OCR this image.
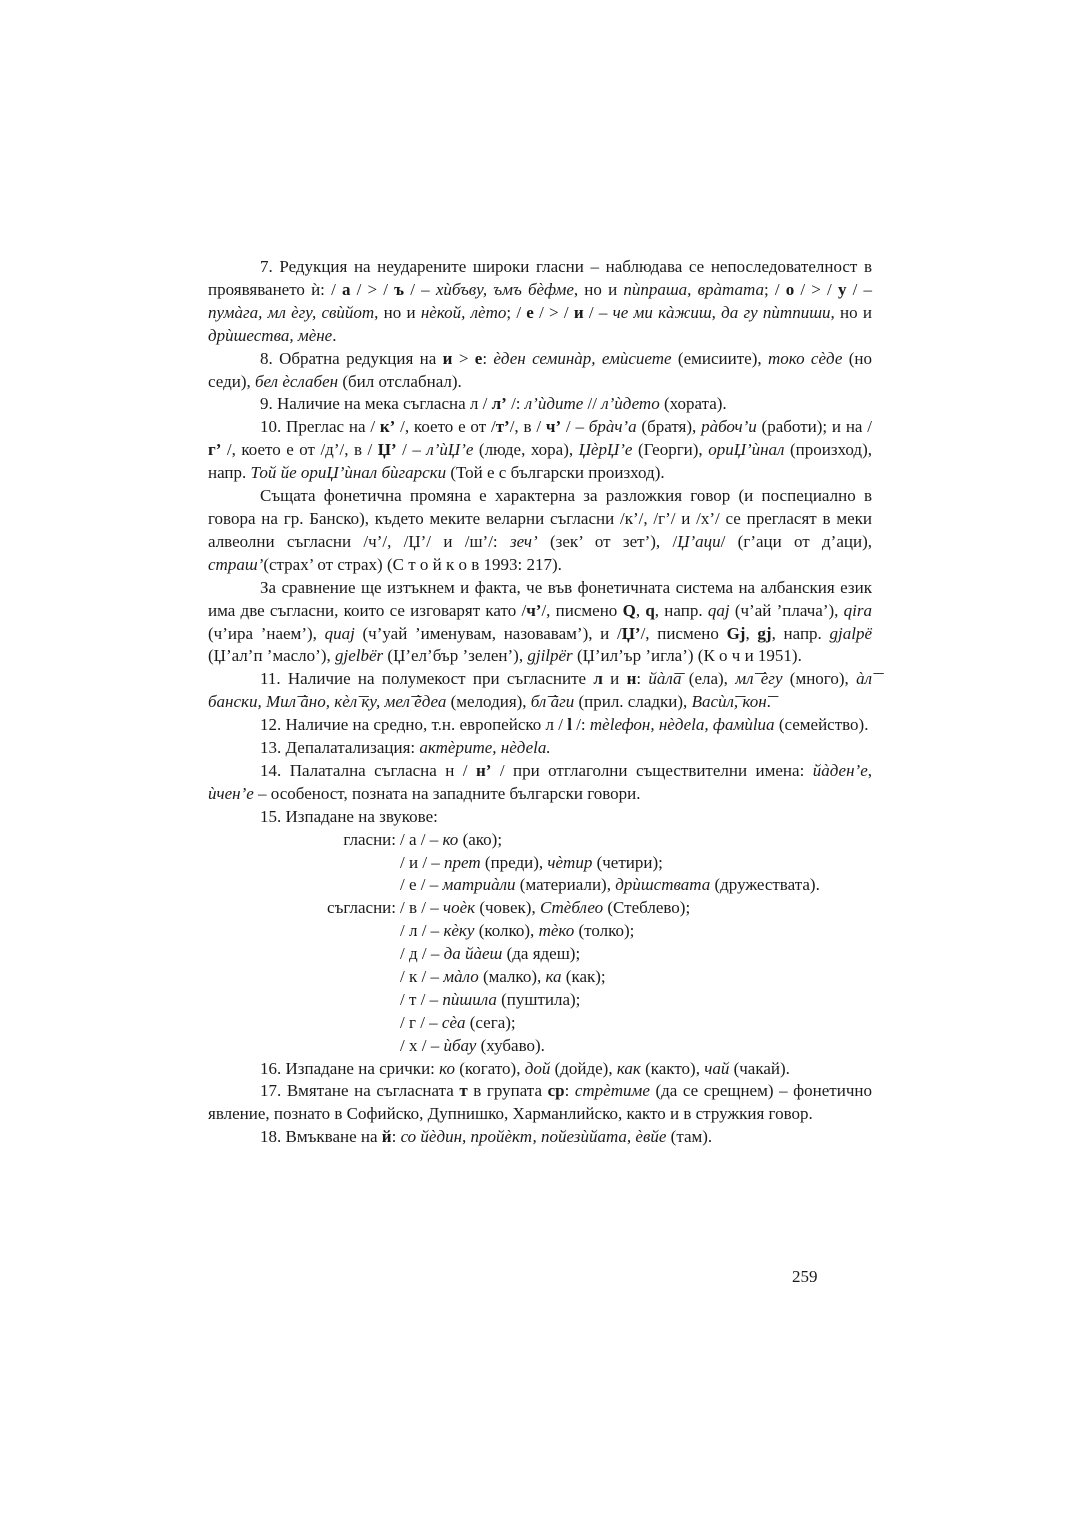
7. Редукция на неударените широки гласни – наблюдава се непоследователност в проявяването ѝ: / а / > / ъ / – хѝбъву, ъмъ бѐфме, но и пѝпраша, врàтата; / о / > / у / – пумàга, мл ѐгу, свѝйот, но и нѐкой, лѐто; / е / > / и / – че ми кàжиш, да гу пѝтпиши, но и дрѝшества, мѐне.

8. Обратна редукция на и > е: ѐден семинàр, емѝсиете (емисиите), токо сѐде (но седи), бел ѐслабен (бил отслабнал).

9. Наличие на мека съгласна л / л’ /: л’ѝдите // л’ѝдето (хората).

10. Преглас на / к’ /, което е от /т’/, в / ч’ / – брàч’а (братя), рàбоч’и (работи); и на / г’ /, което е от /д’/, в / Џ’ / – л’ѝЏ’е (люде, хора), ЏѐрЏ’е (Георги), ориЏ’ѝнал (произход), напр. Той йе ориЏ’ѝнал бѝгарски (Той е с български произход).

Същата фонетична промяна е характерна за разложкия говор (и поспециално в говора на гр. Банско), където меките веларни съгласни /к’/, /г’/ и /х’/ се преглася​т в меки алвеолни съгласни /ч’/, /Џ’/ и /ш’/: зеч’ (зек’ от зет’), /Џ’аци/ (г’аци от д’аци), страш’(страх’ от страх) (С т о й к о в 1993: 217).

За сравнение ще изтъкнем и факта, че във фонетичната система на албанския език има две съгласни, които се изговарят като /ч’/, писмено Q, q, напр. qaj (ч’ай ’плача’), qira (ч’ира ’наем’), quaj (ч’уай ’именувам, назовавам’), и /Џ’/, писмено Gj, gj, напр. gjalpë (Џ’ал’п ’масло’), gjelbër (Џ’ел’бър ’зелен’), gjilpër (Џ’ил’ър ’игла’) (К о ч и 1951).

11. Наличие на полумекост при съгласните л и н: йàл͞а (ела), мл͞ ѐгу (много), àл͞ бански, Мил͞ àно, кѐл͞ ку, мел͞ ѐдеа (мелодия), бл͞ àги (прил. сладки), Васѝл͞, кон͞.

12. Наличие на средно, т.н. европейско л / l /: тѐlефон, нѐдеlа, фамѝlиа (семейство).

13. Депалатализация: актѐрите, нѐдеla.

14. Палатална съгласна н / н’ / при отглаголни съществителни имена: йàден’е, ѝчен’е – особеност, позната на западните български говори.

15. Изпадане на звукове:

гласни: / а / – ко (ако);
/ и / – прет (преди), чѐтир (четири);
/ е / – матриàли (материали), дрѝшствата (дружествата).
съгласни: / в / – чоѐк (човек), Стѐблео (Стеблево);
/ л / – кѐку (колко), тѐко (толко);
/ д / – да йàеш (да ядеш);
/ к / – мàло (малко), ка (как);
/ т / – пѝшила (пуштила);
/ г / – сѐа (сега);
/ х / – ѝбау (хубаво).

16. Изпадане на срички: ко (когато), дой (дойде), как (както), чай (чакай).

17. Вмятане на съгласната т в групата ср: стрѐтиме (да се срещнем) – фонетично явление, познато в Софийско, Дупнишко, Харманлийско, както и в стружкия говор.

18. Вмъкване на й: со йѐдин, пройѐкт, пойезѝйата, ѐвйе (там).

259
